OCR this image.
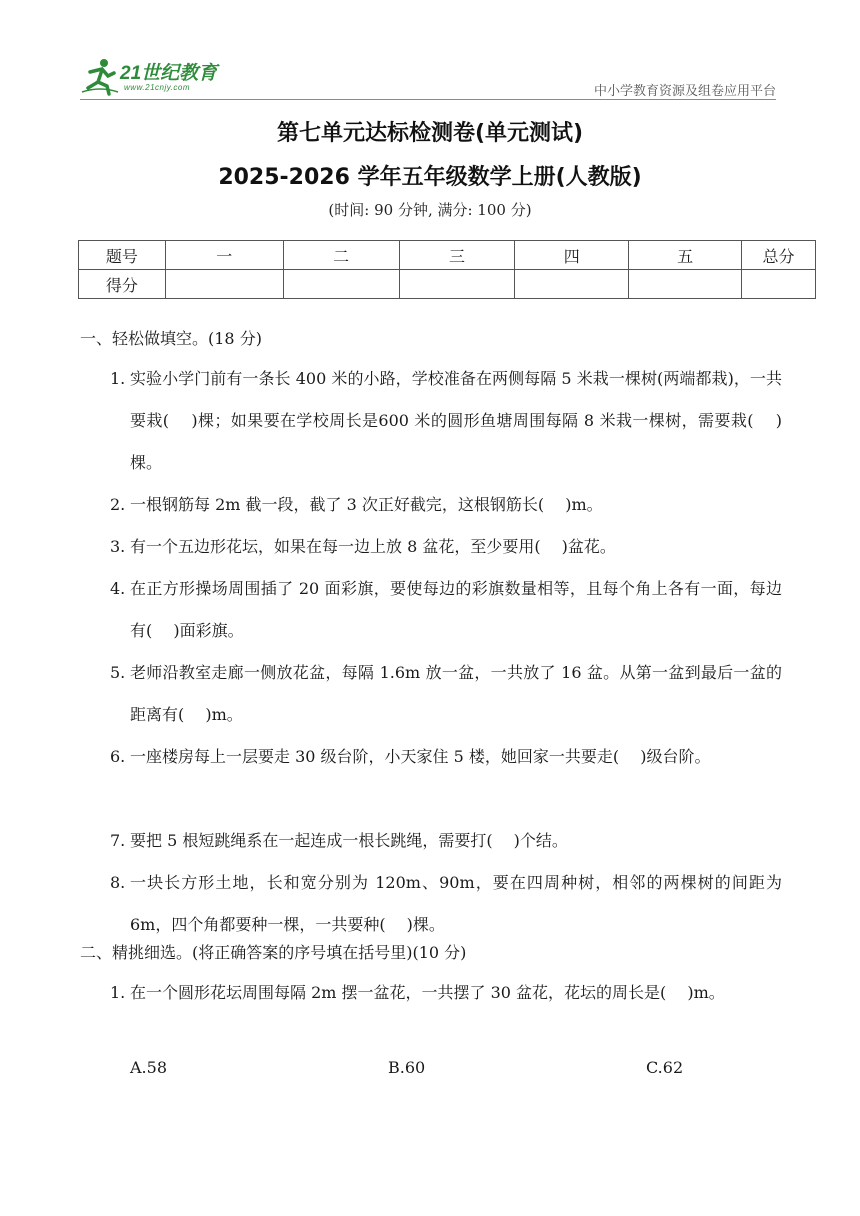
21世纪教育
www.21cnjy.com	中小学教育资源及组卷应用平台
第七单元达标检测卷(单元测试)
2025-2026 学年五年级数学上册(人教版)
(时间: 90 分钟, 满分: 100 分)
题号	一	二	三	四	五	总分
得分						
一、轻松做填空。(18 分)
1. 实验小学门前有一条长 400 米的小路，学校准备在两侧每隔 5 米栽一棵树(两端都栽)，一共要栽(　 )棵；如果要在学校周长是600 米的圆形鱼塘周围每隔 8 米栽一棵树，需要栽(　 )棵。
2. 一根钢筋每 2m 截一段，截了 3 次正好截完，这根钢筋长(　 )m。
3. 有一个五边形花坛，如果在每一边上放 8 盆花，至少要用(　 )盆花。
4. 在正方形操场周围插了 20 面彩旗，要使每边的彩旗数量相等，且每个角上各有一面，每边有(　 )面彩旗。
5. 老师沿教室走廊一侧放花盆，每隔 1.6m 放一盆，一共放了 16 盆。从第一盆到最后一盆的距离有(　 )m。
6. 一座楼房每上一层要走 30 级台阶，小天家住 5 楼，她回家一共要走(　 )级台阶。
7. 要把 5 根短跳绳系在一起连成一根长跳绳，需要打(　 )个结。
8. 一块长方形土地，长和宽分别为 120m、90m，要在四周种树，相邻的两棵树的间距为 6m，四个角都要种一棵，一共要种(　 )棵。
二、精挑细选。(将正确答案的序号填在括号里)(10 分)
1. 在一个圆形花坛周围每隔 2m 摆一盆花，一共摆了 30 盆花，花坛的周长是(　 )m。
A.58	B.60	C.62
